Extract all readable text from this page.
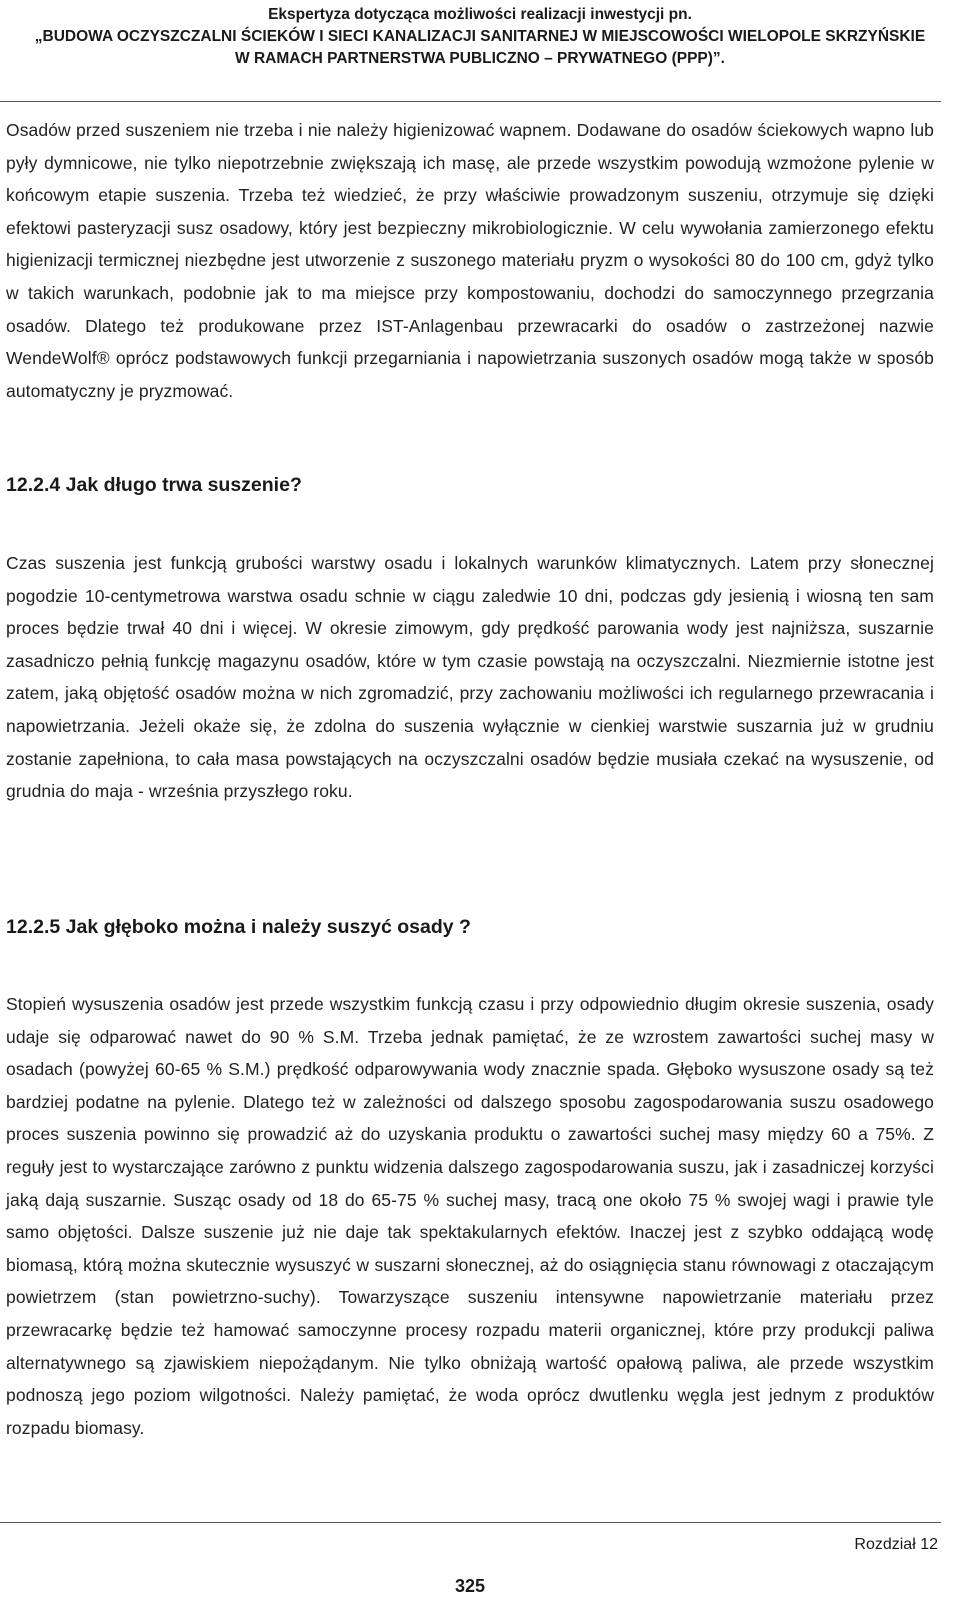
Ekspertyza dotycząca możliwości realizacji inwestycji pn.
„BUDOWA OCZYSZCZALNI ŚCIEKÓW I SIECI KANALIZACJI SANITARNEJ W MIEJSCOWOŚCI WIELOPOLE SKRZYŃSKIE
W RAMACH PARTNERSTWA PUBLICZNO – PRYWATNEGO (PPP)”.

Osadów przed suszeniem nie trzeba i nie należy higienizować wapnem. Dodawane do osadów ściekowych wapno lub pyły dymnicowe, nie tylko niepotrzebnie zwiększają ich masę, ale przede wszystkim powodują wzmożone pylenie w końcowym etapie suszenia. Trzeba też wiedzieć, że przy właściwie prowadzonym suszeniu, otrzymuje się dzięki efektowi pasteryzacji susz osadowy, który jest bezpieczny mikrobiologicznie. W celu wywołania zamierzonego efektu higienizacji termicznej niezbędne jest utworzenie z suszonego materiału pryzm o wysokości 80 do 100 cm, gdyż tylko w takich warunkach, podobnie jak to ma miejsce przy kompostowaniu, dochodzi do samoczynnego przegrzania osadów. Dlatego też produkowane przez IST-Anlagenbau przewracarki do osadów o zastrzeżonej nazwie WendeWolf® oprócz podstawowych funkcji przegarniania i napowietrzania suszonych osadów mogą także w sposób automatyczny je pryzmować.

12.2.4 Jak długo trwa suszenie?

Czas suszenia jest funkcją grubości warstwy osadu i lokalnych warunków klimatycznych. Latem przy słonecznej pogodzie 10-centymetrowa warstwa osadu schnie w ciągu zaledwie 10 dni, podczas gdy jesienią i wiosną ten sam proces będzie trwał 40 dni i więcej. W okresie zimowym, gdy prędkość parowania wody jest najniższa, suszarnie zasadniczo pełnią funkcję magazynu osadów, które w tym czasie powstają na oczyszczalni. Niezmiernie istotne jest zatem, jaką objętość osadów można w nich zgromadzić, przy zachowaniu możliwości ich regularnego przewracania i napowietrzania. Jeżeli okaże się, że zdolna do suszenia wyłącznie w cienkiej warstwie suszarnia już w grudniu zostanie zapełniona, to cała masa powstających na oczyszczalni osadów będzie musiała czekać na wysuszenie, od grudnia do maja - września przyszłego roku.

12.2.5 Jak głęboko można i należy suszyć osady ?

Stopień wysuszenia osadów jest przede wszystkim funkcją czasu i przy odpowiednio długim okresie suszenia, osady udaje się odparować nawet do 90 % S.M. Trzeba jednak pamiętać, że ze wzrostem zawartości suchej masy w osadach (powyżej 60-65 % S.M.) prędkość odparowywania wody znacznie spada. Głęboko wysuszone osady są też bardziej podatne na pylenie. Dlatego też w zależności od dalszego sposobu zagospodarowania suszu osadowego proces suszenia powinno się prowadzić aż do uzyskania produktu o zawartości suchej masy między 60 a 75%. Z reguły jest to wystarczające zarówno z punktu widzenia dalszego zagospodarowania suszu, jak i zasadniczej korzyści jaką dają suszarnie. Susząc osady od 18 do 65-75 % suchej masy, tracą one około 75 % swojej wagi i prawie tyle samo objętości. Dalsze suszenie już nie daje tak spektakularnych efektów. Inaczej jest z szybko oddającą wodę biomasą, którą można skutecznie wysuszyć w suszarni słonecznej, aż do osiągnięcia stanu równowagi z otaczającym powietrzem (stan powietrzno-suchy). Towarzyszące suszeniu intensywne napowietrzanie materiału przez przewracarkę będzie też hamować samoczynne procesy rozpadu materii organicznej, które przy produkcji paliwa alternatywnego są zjawiskiem niepożądanym. Nie tylko obniżają wartość opałową paliwa, ale przede wszystkim podnoszą jego poziom wilgotności. Należy pamiętać, że woda oprócz dwutlenku węgla jest jednym z produktów rozpadu biomasy.

Rozdział 12
325
